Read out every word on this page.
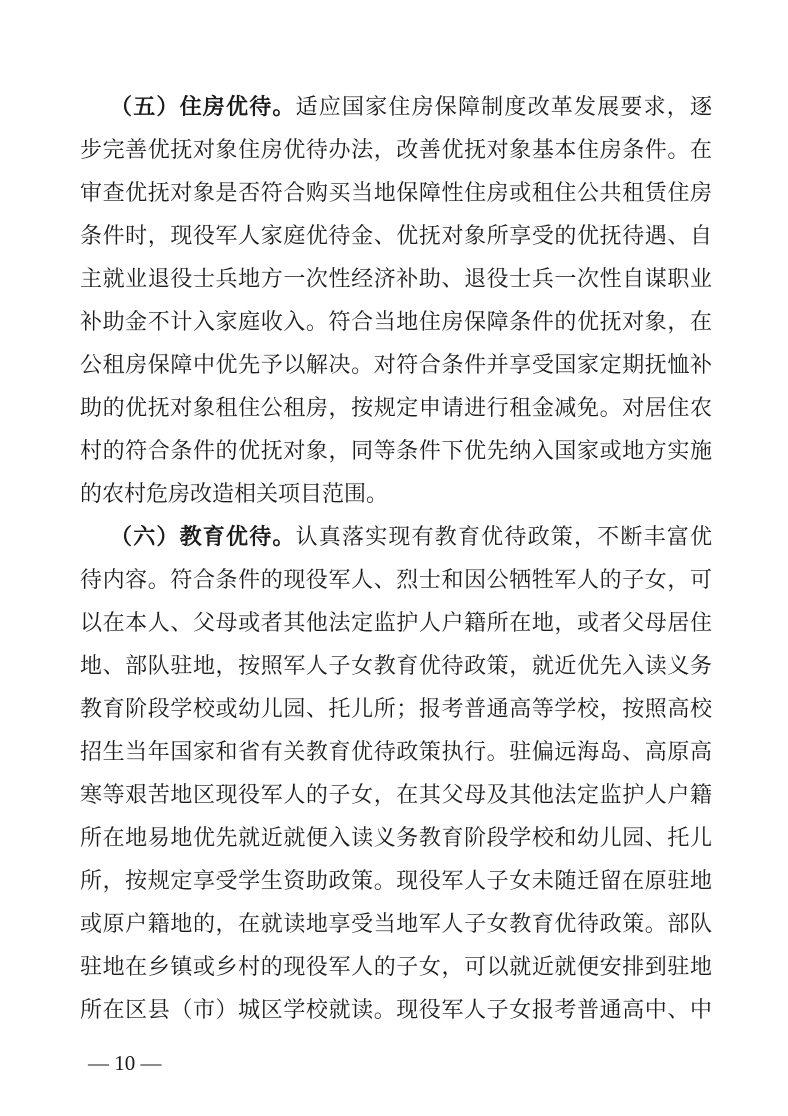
（五）住房优待。适应国家住房保障制度改革发展要求，逐
步完善优抚对象住房优待办法，改善优抚对象基本住房条件。在
审查优抚对象是否符合购买当地保障性住房或租住公共租赁住房
条件时，现役军人家庭优待金、优抚对象所享受的优抚待遇、自
主就业退役士兵地方一次性经济补助、退役士兵一次性自谋职业
补助金不计入家庭收入。符合当地住房保障条件的优抚对象，在
公租房保障中优先予以解决。对符合条件并享受国家定期抚恤补
助的优抚对象租住公租房，按规定申请进行租金减免。对居住农
村的符合条件的优抚对象，同等条件下优先纳入国家或地方实施
的农村危房改造相关项目范围。
（六）教育优待。认真落实现有教育优待政策，不断丰富优
待内容。符合条件的现役军人、烈士和因公牺牲军人的子女，可
以在本人、父母或者其他法定监护人户籍所在地，或者父母居住
地、部队驻地，按照军人子女教育优待政策，就近优先入读义务
教育阶段学校或幼儿园、托儿所；报考普通高等学校，按照高校
招生当年国家和省有关教育优待政策执行。驻偏远海岛、高原高
寒等艰苦地区现役军人的子女，在其父母及其他法定监护人户籍
所在地易地优先就近就便入读义务教育阶段学校和幼儿园、托儿
所，按规定享受学生资助政策。现役军人子女未随迁留在原驻地
或原户籍地的，在就读地享受当地军人子女教育优待政策。部队
驻地在乡镇或乡村的现役军人的子女，可以就近就便安排到驻地
所在区县（市）城区学校就读。现役军人子女报考普通高中、中
— 10 —
